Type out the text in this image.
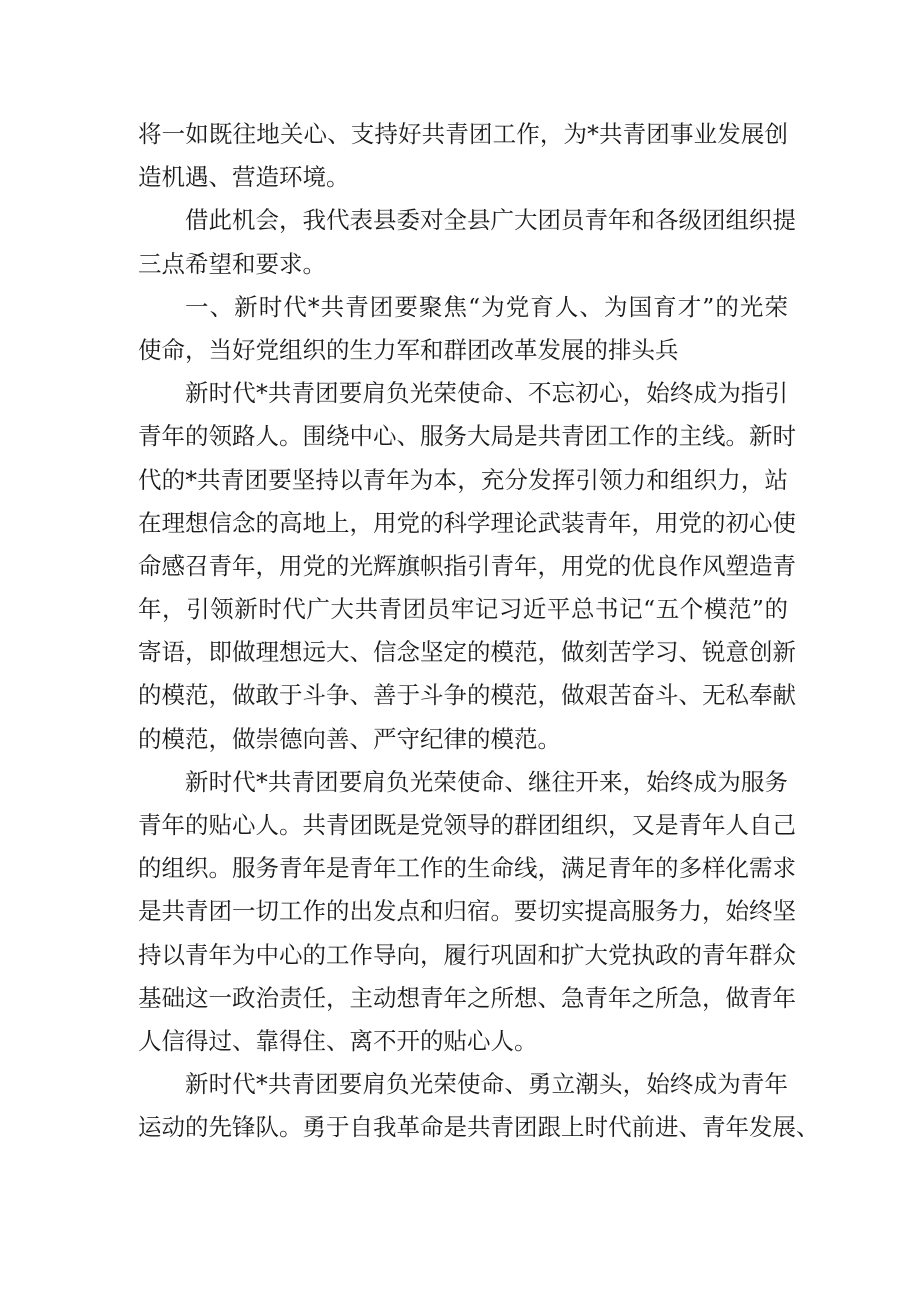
将一如既往地关心、支持好共青团工作，为*共青团事业发展创
造机遇、营造环境。
借此机会，我代表县委对全县广大团员青年和各级团组织提
三点希望和要求。
一、新时代*共青团要聚焦“为党育人、为国育才”的光荣
使命，当好党组织的生力军和群团改革发展的排头兵
新时代*共青团要肩负光荣使命、不忘初心，始终成为指引
青年的领路人。围绕中心、服务大局是共青团工作的主线。新时
代的*共青团要坚持以青年为本，充分发挥引领力和组织力，站
在理想信念的高地上，用党的科学理论武装青年，用党的初心使
命感召青年，用党的光辉旗帜指引青年，用党的优良作风塑造青
年，引领新时代广大共青团员牢记习近平总书记“五个模范”的
寄语，即做理想远大、信念坚定的模范，做刻苦学习、锐意创新
的模范，做敢于斗争、善于斗争的模范，做艰苦奋斗、无私奉献
的模范，做崇德向善、严守纪律的模范。
新时代*共青团要肩负光荣使命、继往开来，始终成为服务
青年的贴心人。共青团既是党领导的群团组织，又是青年人自己
的组织。服务青年是青年工作的生命线，满足青年的多样化需求
是共青团一切工作的出发点和归宿。要切实提高服务力，始终坚
持以青年为中心的工作导向，履行巩固和扩大党执政的青年群众
基础这一政治责任，主动想青年之所想、急青年之所急，做青年
人信得过、靠得住、离不开的贴心人。
新时代*共青团要肩负光荣使命、勇立潮头，始终成为青年
运动的先锋队。勇于自我革命是共青团跟上时代前进、青年发展、
